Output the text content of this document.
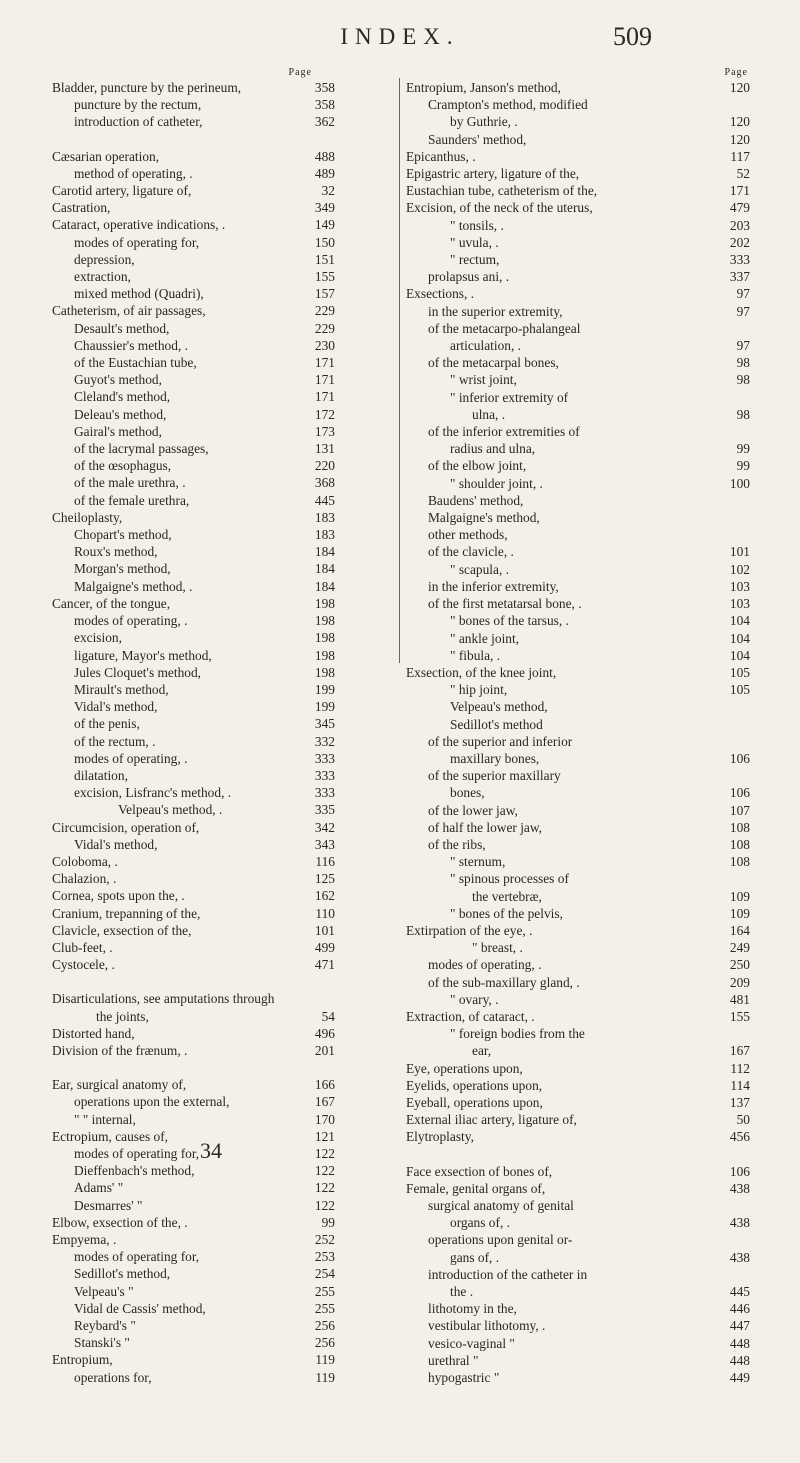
INDEX.	509
Page
Bladder, puncture by the perineum,	358
puncture by the rectum,	358
introduction of catheter,	362
Cæsarian operation,	488
method of operating, .	489
Carotid artery, ligature of,	32
Castration,	349
Cataract, operative indications, .	149
modes of operating for,	150
depression,	151
extraction,	155
mixed method (Quadri),	157
Catheterism, of air passages,	229
Desault's method,	229
Chaussier's method, .	230
of the Eustachian tube,	171
Guyot's method,	171
Cleland's method,	171
Deleau's method,	172
Gairal's method,	173
of the lacrymal passages,	131
of the œsophagus,	220
of the male urethra, .	368
of the female urethra,	445
Cheiloplasty,	183
Chopart's method,	183
Roux's method,	184
Morgan's method,	184
Malgaigne's method, .	184
Cancer, of the tongue,	198
modes of operating, .	198
excision,	198
ligature, Mayor's method,	198
Jules Cloquet's method,	198
Mirault's method,	199
Vidal's method,	199
of the penis,	345
of the rectum, .	332
modes of operating, .	333
dilatation,	333
excision, Lisfranc's method, .	333
Velpeau's method, .	335
Circumcision, operation of,	342
Vidal's method,	343
Coloboma, .	116
Chalazion, .	125
Cornea, spots upon the, .	162
Cranium, trepanning of the,	110
Clavicle, exsection of the,	101
Club-feet, .	499
Cystocele, .	471
Disarticulations, see amputations through
the joints,	54
Distorted hand,	496
Division of the frænum, .	201
Ear, surgical anatomy of,	166
operations upon the external,	167
" " internal,	170
Ectropium, causes of,	121
modes of operating for,	122
Dieffenbach's method,	122
Adams' "	122
Desmarres' "	122
Elbow, exsection of the, .	99
Empyema, .	252
modes of operating for,	253
Sedillot's method,	254
Velpeau's "	255
Vidal de Cassis' method,	255
Reybard's "	256
Stanski's "	256
Entropium,	119
operations for,	119
Page
Entropium, Janson's method,	120
Crampton's method, modified
by Guthrie, .	120
Saunders' method,	120
Epicanthus, .	117
Epigastric artery, ligature of the,	52
Eustachian tube, catheterism of the,	171
Excision, of the neck of the uterus,	479
" tonsils, .	203
" uvula, .	202
" rectum,	333
prolapsus ani, .	337
Exsections, .	97
in the superior extremity,	97
of the metacarpo-phalangeal
articulation, .	97
of the metacarpal bones,	98
" wrist joint,	98
" inferior extremity of
ulna, .	98
of the inferior extremities of
radius and ulna,	99
of the elbow joint,	99
" shoulder joint, .	100
Baudens' method,
Malgaigne's method,
other methods,
of the clavicle, .	101
" scapula, .	102
in the inferior extremity,	103
of the first metatarsal bone, .	103
" bones of the tarsus, .	104
" ankle joint,	104
" fibula, .	104
Exsection, of the knee joint,	105
" hip joint,	105
Velpeau's method,
Sedillot's method
of the superior and inferior
maxillary bones,	106
of the superior maxillary
bones,	106
of the lower jaw,	107
of half the lower jaw,	108
of the ribs,	108
" sternum,	108
" spinous processes of
the vertebræ,	109
" bones of the pelvis,	109
Extirpation of the eye, .	164
" breast, .	249
modes of operating, .	250
of the sub-maxillary gland, .	209
" ovary, .	481
Extraction, of cataract, .	155
" foreign bodies from the
ear,	167
Eye, operations upon,	112
Eyelids, operations upon,	114
Eyeball, operations upon,	137
External iliac artery, ligature of,	50
Elytroplasty,	456
Face exsection of bones of,	106
Female, genital organs of,	438
surgical anatomy of genital
organs of, .	438
operations upon genital or-
gans of, .	438
introduction of the catheter in
the .	445
lithotomy in the,	446
vestibular lithotomy, .	447
vesico-vaginal "	448
urethral "	448
hypogastric "	449
34
